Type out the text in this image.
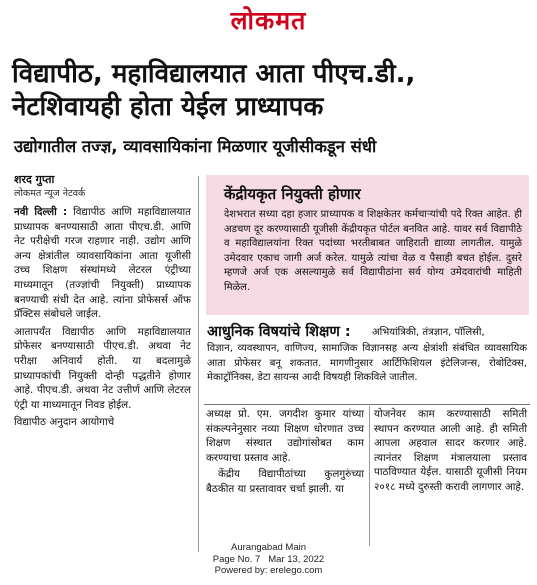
लोकमत
विद्यापीठ, महाविद्यालयात आता पीएच.डी., नेटशिवायही होता येईल प्राध्यापक
उद्योगातील तज्ज्ञ, व्यावसायिकांना मिळणार यूजीसीकडून संधी
शरद गुप्ता
लोकमत न्यूज नेटवर्क

नवी दिल्ली : विद्यापीठ आणि महाविद्यालयात प्राध्यापक बनण्यासाठी आता पीएच.डी. आणि नेट परीक्षेची गरज राहणार नाही. उद्योग आणि अन्य क्षेत्रांतील व्यावसायिकांना आता यूजीसी उच्च शिक्षण संस्थांमध्ये लेटरल एंट्रीच्या माध्यमातून (तज्ज्ञांची नियुक्ती) प्राध्यापक बनण्याची संधी देत आहे. त्यांना प्रोफेसर्स ऑफ प्रॅक्टिस संबोधले जाईल.

आतापर्यंत विद्यापीठ आणि महाविद्यालयात प्रोफेसर बनण्यासाठी पीएच.डी. अथवा नेट परीक्षा अनिवार्य होती. या बदलामुळे प्राध्यापकांची नियुक्ती दोन्ही पद्धतीने होणार आहे. पीएच.डी. अथवा नेट उत्तीर्ण आणि लेटरल एंट्री या माध्यमातून निवड होईल.

विद्यापीठ अनुदान आयोगाचे

केंद्रीयकृत नियुक्ती होणार
देशभरात सध्या दहा हजार प्राध्यापक व शिक्षकेतर कर्मचाऱ्यांची पदे रिक्त आहेत. ही अडचण दूर करण्यासाठी यूजीसी केंद्रीयकृत पोर्टल बनवित आहे. यावर सर्व विद्यापीठे व महाविद्यालयांना रिक्त पदांच्या भरतीबाबत जाहिराती द्याव्या लागतील. यामुळे उमेदवार एकाच जागी अर्ज करेल. यामुळे त्यांचा वेळ व पैसाही बचत होईल. दुसरे म्हणजे अर्ज एक असल्यामुळे सर्व विद्यापीठांना सर्व योग्य उमेदवारांची माहिती मिळेल.
आधुनिक विषयांचे शिक्षण : अभियांत्रिकी, तंत्रज्ञान, पॉलिसी,
विज्ञान, व्यवस्थापन, वाणिज्य, सामाजिक विज्ञानसह अन्य क्षेत्रांशी संबंधित व्यावसायिक आता प्रोफेसर बनू शकतात. मागणीनुसार आर्टिफिशियल इंटेलिजन्स, रोबोटिक्स, मेकाट्रॉनिक्स, डेटा सायन्स आदी विषयही शिकविले जातील.

अध्यक्ष प्रो. एम. जगदीश कुमार यांच्या संकल्पनेनुसार नव्या शिक्षण धोरणात उच्च शिक्षण संस्थात उद्योगांसोबत काम करण्याचा प्रस्ताव आहे.

केंद्रीय विद्यापीठांच्या कुलगुरुंच्या बैठकीत या प्रस्तावावर चर्चा झाली. या

योजनेवर काम करण्यासाठी समिती स्थापन करण्यात आली आहे. ही समिती आपला अहवाल सादर करणार आहे. त्यानंतर शिक्षण मंत्रालयाला प्रस्ताव पाठविण्यात येईल. यासाठी यूजीसी नियम २०१८ मध्ये दुरुस्ती करावी लागणार आहे.

Aurangabad Main
Page No. 7   Mar 13, 2022
Powered by: erelego.com
